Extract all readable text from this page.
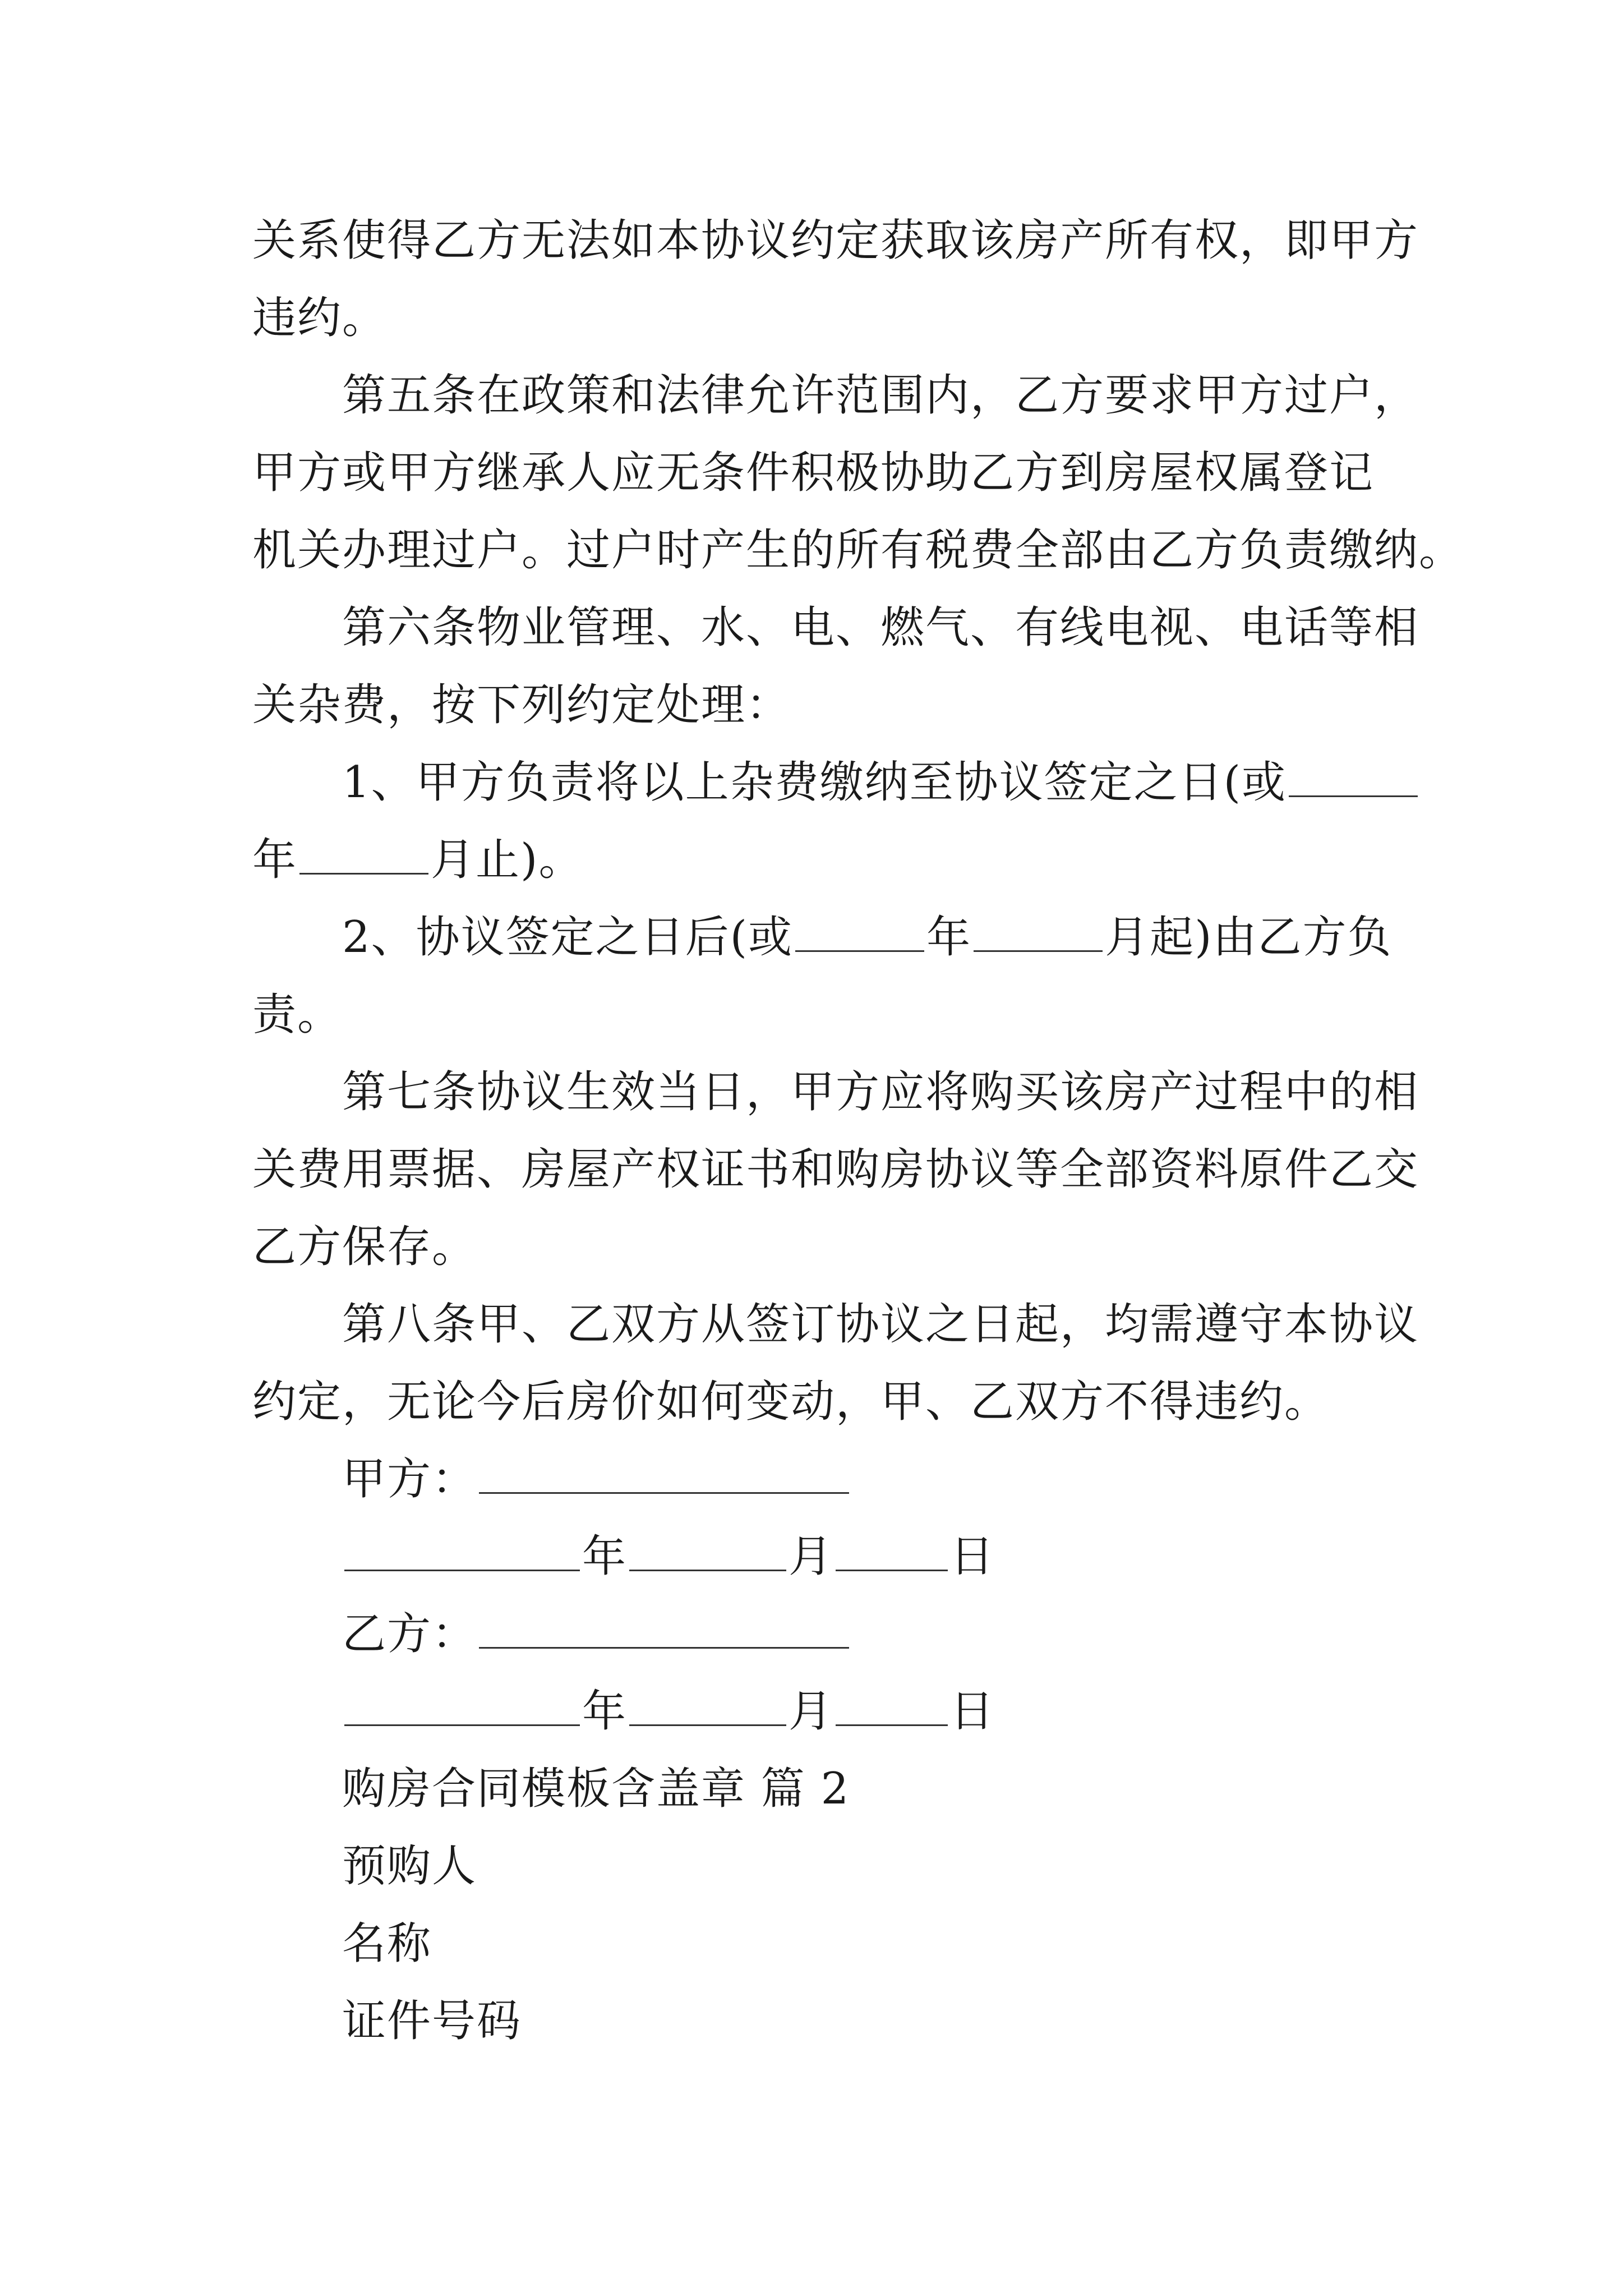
关系使得乙方无法如本协议约定获取该房产所有权，即甲方
违约。
第五条在政策和法律允许范围内，乙方要求甲方过户，
甲方或甲方继承人应无条件积极协助乙方到房屋权属登记
机关办理过户。过户时产生的所有税费全部由乙方负责缴纳。
第六条物业管理、水、电、燃气、有线电视、电话等相
关杂费，按下列约定处理：
1、甲方负责将以上杂费缴纳至协议签定之日(或
年	月止)。
2、协议签定之日后(或	年	月起)由乙方负
责。
第七条协议生效当日，甲方应将购买该房产过程中的相
关费用票据、房屋产权证书和购房协议等全部资料原件乙交
乙方保存。
第八条甲、乙双方从签订协议之日起，均需遵守本协议
约定，无论今后房价如何变动，甲、乙双方不得违约。
甲方：
年	月	日
乙方：
年	月	日
购房合同模板含盖章 篇 2
预购人
名称
证件号码
